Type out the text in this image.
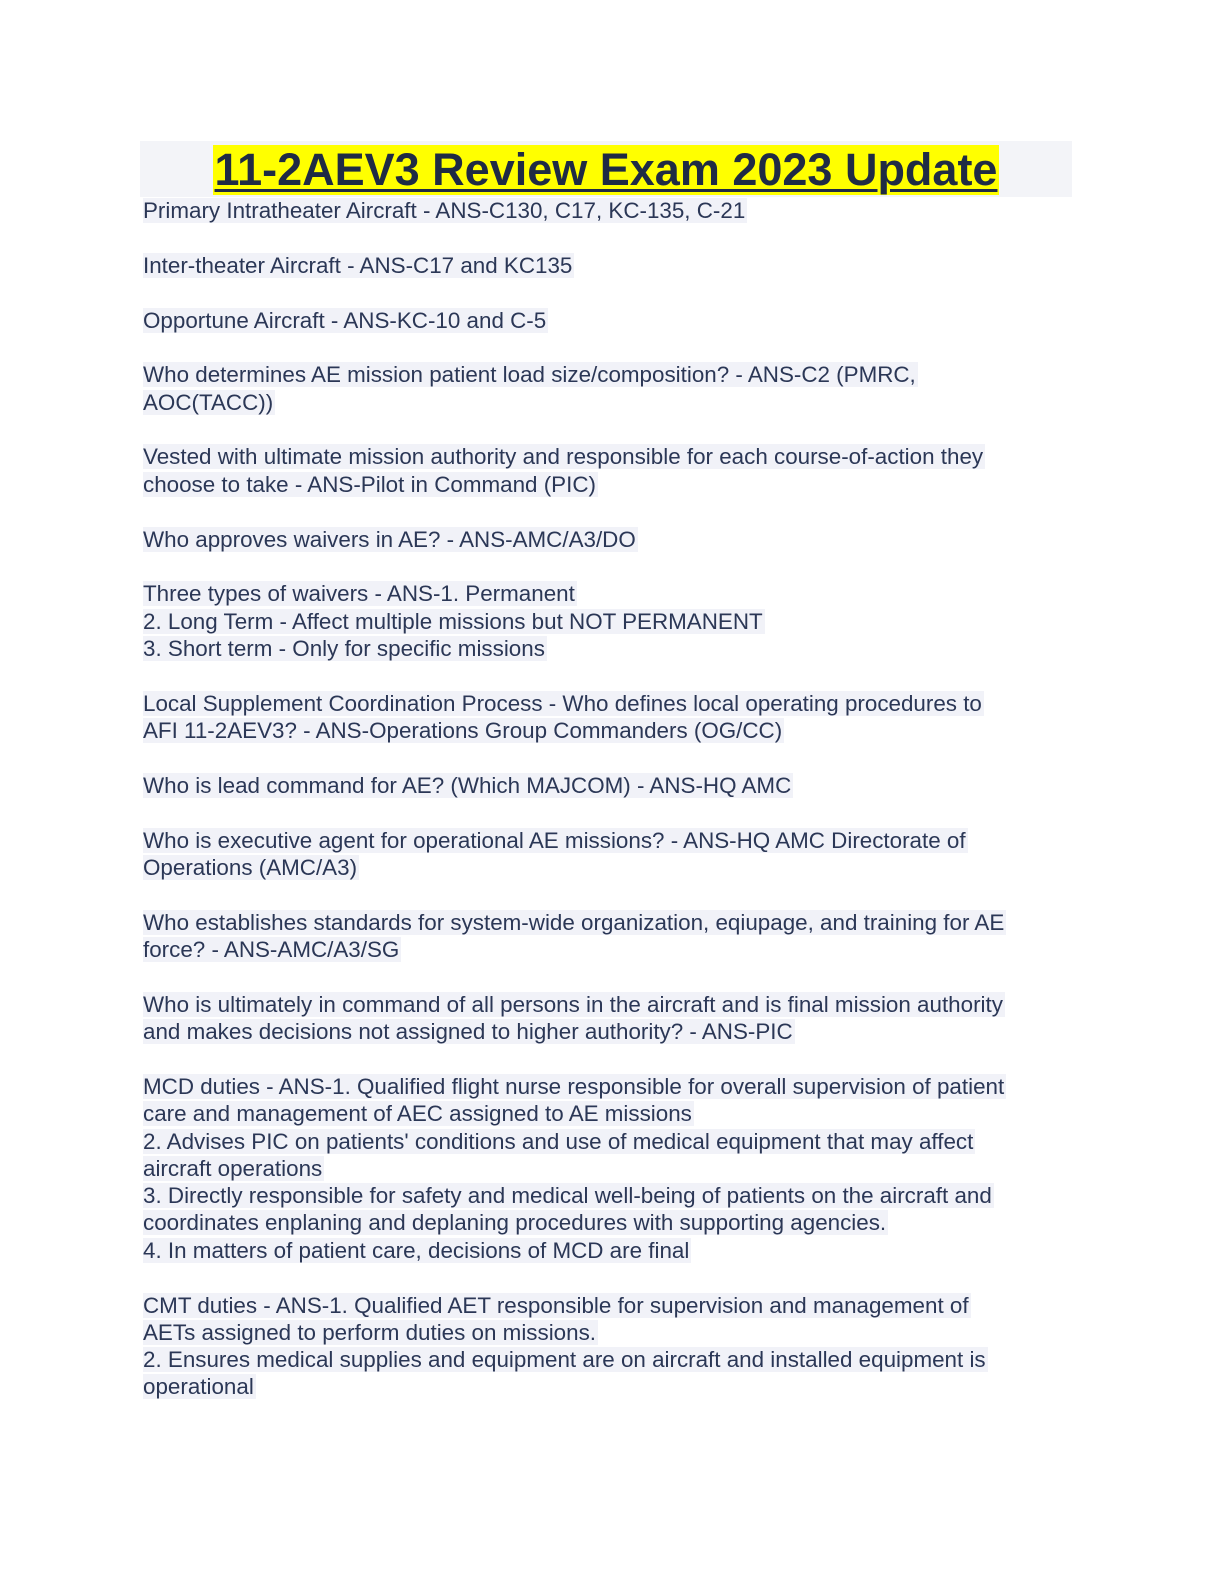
11-2AEV3 Review Exam 2023 Update
Primary Intratheater Aircraft - ANS-C130, C17, KC-135, C-21
Inter-theater Aircraft - ANS-C17 and KC135
Opportune Aircraft - ANS-KC-10 and C-5
Who determines AE mission patient load size/composition? - ANS-C2 (PMRC,
AOC(TACC))
Vested with ultimate mission authority and responsible for each course-of-action they
choose to take - ANS-Pilot in Command (PIC)
Who approves waivers in AE? - ANS-AMC/A3/DO
Three types of waivers - ANS-1. Permanent
2. Long Term - Affect multiple missions but NOT PERMANENT
3. Short term - Only for specific missions
Local Supplement Coordination Process - Who defines local operating procedures to
AFI 11-2AEV3? - ANS-Operations Group Commanders (OG/CC)
Who is lead command for AE? (Which MAJCOM) - ANS-HQ AMC
Who is executive agent for operational AE missions? - ANS-HQ AMC Directorate of
Operations (AMC/A3)
Who establishes standards for system-wide organization, eqiupage, and training for AE
force? - ANS-AMC/A3/SG
Who is ultimately in command of all persons in the aircraft and is final mission authority
and makes decisions not assigned to higher authority? - ANS-PIC
MCD duties - ANS-1. Qualified flight nurse responsible for overall supervision of patient
care and management of AEC assigned to AE missions
2. Advises PIC on patients' conditions and use of medical equipment that may affect
aircraft operations
3. Directly responsible for safety and medical well-being of patients on the aircraft and
coordinates enplaning and deplaning procedures with supporting agencies.
4. In matters of patient care, decisions of MCD are final
CMT duties - ANS-1. Qualified AET responsible for supervision and management of
AETs assigned to perform duties on missions.
2. Ensures medical supplies and equipment are on aircraft and installed equipment is
operational
